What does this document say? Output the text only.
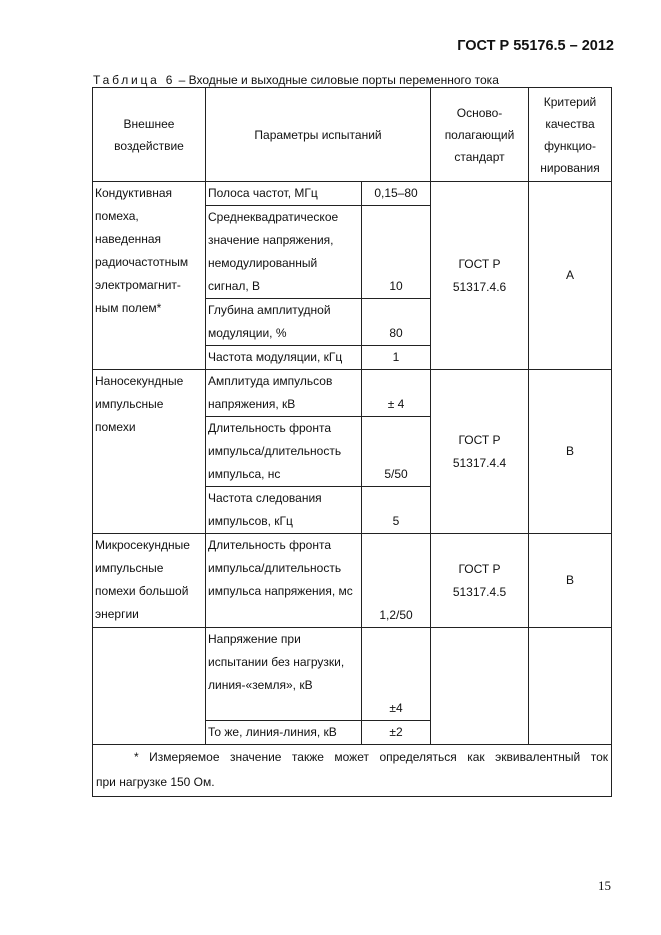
ГОСТ Р 55176.5 – 2012
Таблица 6 – Входные и выходные силовые порты переменного тока
Внешнее воздействие	Параметры испытаний		Осново-полагающий стандарт	Критерий качества функцио-нирования
Кондуктивная помеха, наведенная радиочастотным электромагнит-ным полем*	Полоса частот, МГц	0,15–80	ГОСТ Р 51317.4.6	A
	Среднеквадратическое значение напряжения, немодулированный сигнал, В	10		
	Глубина амплитудной модуляции, %	80		
	Частота модуляции, кГц	1		
Наносекундные импульсные помехи	Амплитуда импульсов напряжения, кВ	± 4	ГОСТ Р 51317.4.4	B
	Длительность фронта импульса/длительность импульса, нс	5/50		
	Частота следования импульсов, кГц	5		
Микросекундные импульсные помехи большой энергии	Длительность фронта импульса/длительность импульса напряжения, мс	1,2/50	ГОСТ Р 51317.4.5	B
	Напряжение при испытании без нагрузки, линия-«земля», кВ	±4		
	То же, линия-линия, кВ	±2		

* Измеряемое значение также может определяться как эквивалентный ток
при нагрузке 150 Ом.				
15
